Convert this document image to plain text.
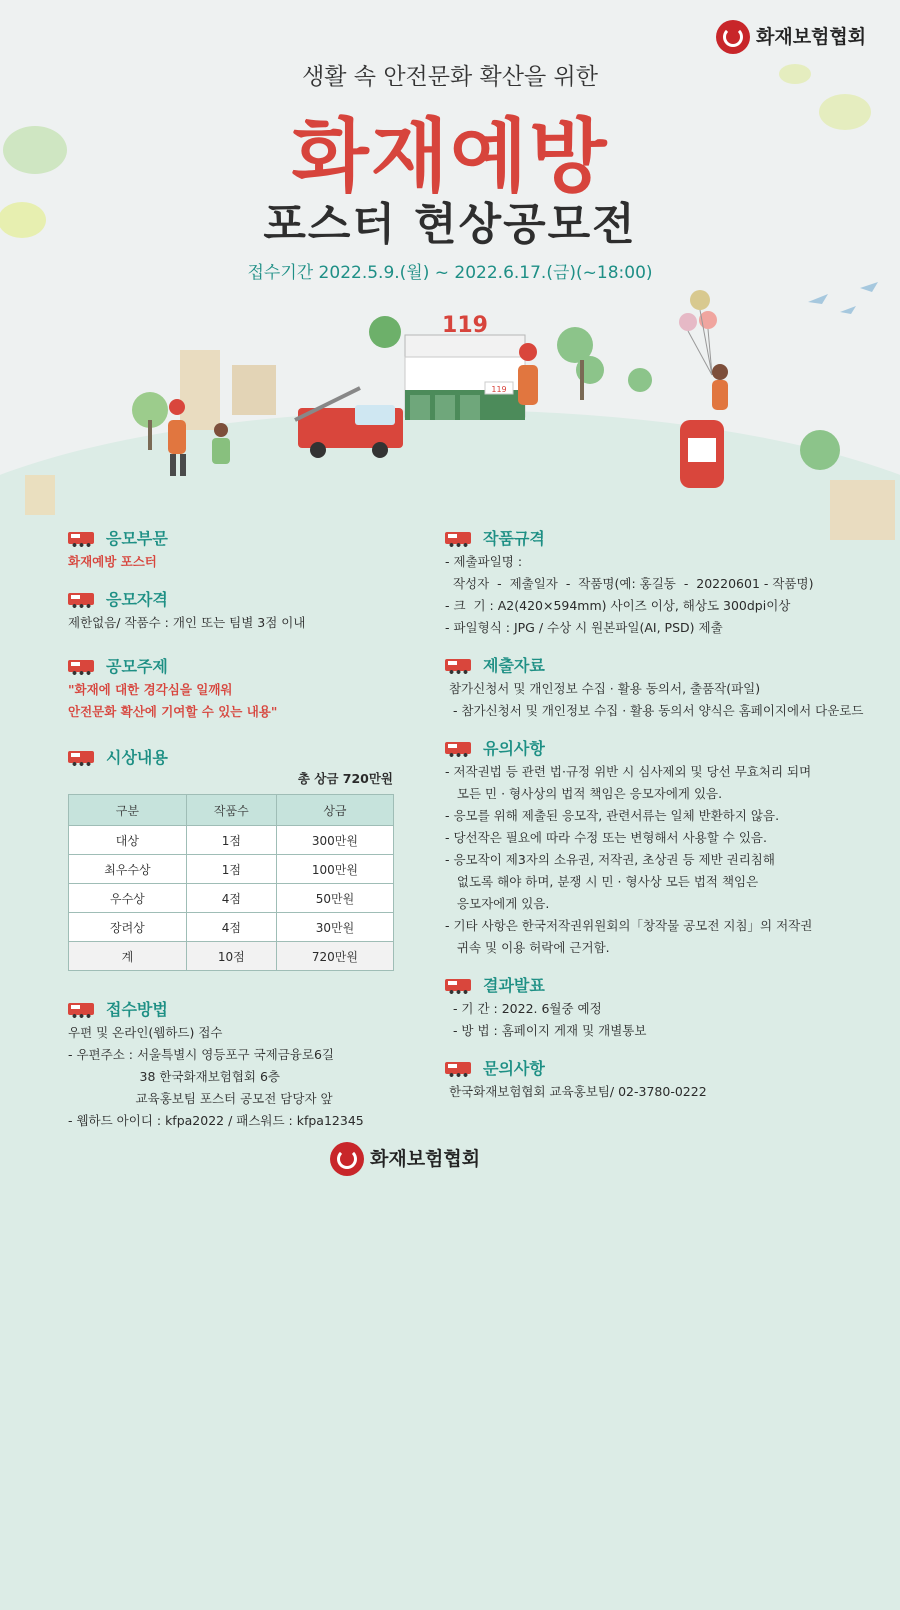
화재보험협회
생활 속 안전문화 확산을 위한
화재예방
포스터 현상공모전
접수기간 2022.5.9.(월) ~ 2022.6.17.(금)(~18:00)
119
119
응모부문
화재예방 포스터
응모자격
제한없음/ 작품수 : 개인 또는 팀별 3점 이내
공모주제
"화재에 대한 경각심을 일깨워
안전문화 확산에 기여할 수 있는 내용"
시상내용
총 상금 720만원
구분	작품수	상금
대상	1점	300만원
최우수상	1점	100만원
우수상	4점	50만원
장려상	4점	30만원
계	10점	720만원
접수방법
우편 및 온라인(웹하드) 접수
- 우편주소 : 서울특별시 영등포구 국제금융로6길
38 한국화재보험협회 6층
교육홍보팀 포스터 공모전 담당자 앞
- 웹하드 아이디 : kfpa2022 / 패스워드 : kfpa12345
작품규격
- 제출파일명 :
작성자  -  제출일자  -  작품명(예: 홍길동  -  20220601 - 작품명)
- 크  기 : A2(420×594mm) 사이즈 이상, 해상도 300dpi이상
- 파일형식 : JPG / 수상 시 원본파일(AI, PSD) 제출
제출자료
참가신청서 및 개인정보 수집 · 활용 동의서, 출품작(파일)
- 참가신청서 및 개인정보 수집 · 활용 동의서 양식은 홈페이지에서 다운로드
유의사항
- 저작권법 등 관련 법·규정 위반 시 심사제외 및 당선 무효처리 되며
모든 민 · 형사상의 법적 책임은 응모자에게 있음.
- 응모를 위해 제출된 응모작, 관련서류는 일체 반환하지 않음.
- 당선작은 필요에 따라 수정 또는 변형해서 사용할 수 있음.
- 응모작이 제3자의 소유권, 저작권, 초상권 등 제반 권리침해
없도록 해야 하며, 분쟁 시 민 · 형사상 모든 법적 책임은
응모자에게 있음.
- 기타 사항은 한국저작권위원회의「창작물 공모전 지침」의 저작권
귀속 및 이용 허락에 근거함.
결과발표
- 기 간 : 2022. 6월중 예정
- 방 법 : 홈페이지 게재 및 개별통보
문의사항
한국화재보험협회 교육홍보팀/ 02-3780-0222
화재보험협회
